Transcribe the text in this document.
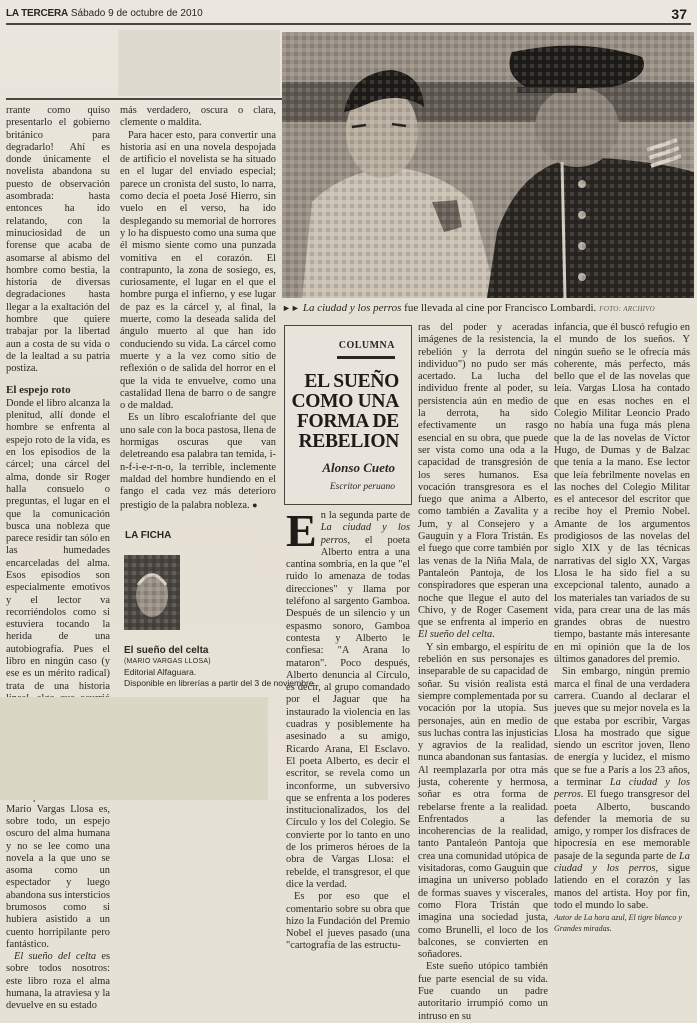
LA TERCERA Sábado 9 de octubre de 2010	37
►► La ciudad y los perros fue llevada al cine por Francisco Lombardi. FOTO: ARCHIVO

rrante como quiso presentarlo el gobierno británico para degradarlo! Ahí es donde únicamente el novelista abandona su puesto de observación asombrada: hasta entonces ha ido relatando, con la minuciosidad de un forense que acaba de asomarse al abismo del hombre como bestia, la historia de diversas degradaciones hasta llegar a la exaltación del hombre que quiere trabajar por la libertad aun a costa de su vida o de la lealtad a su patria postiza.

El espejo roto

Donde el libro alcanza la plenitud, allí donde el hombre se enfrenta al espejo roto de la vida, es en los episodios de la cárcel; una cárcel del alma, donde sir Roger halla consuelo o preguntas, el lugar en el que la comunicación busca una nobleza que parece residir tan sólo en las humedades encarceladas del alma. Esos episodios son especialmente emotivos y el lector va recorriéndolos como si estuviera tocando la herida de una autobiografía. Pues el libro en ningún caso (y ese es un mérito radical) trata de una historia Mario Vargas Llosa es, sobre todo, un espejo oscuro del alma humana y no se lee como una novela a la que uno se asoma como un espectador y luego abandona sus intersticios brumosos como si hubiera asistido a un cuento horripilante pero fantástico.

El sueño del celta es sobre todos nosotros: este libro roza el alma humana, la atraviesa y la devuelve en su estado

más verdadero, oscura o clara, clemente o maldita.

Para hacer esto, para convertir una historia así en una novela despojada de artificio el novelista se ha situado en el lugar del enviado especial; parece un cronista del susto, lo narra, como decía el poeta José Hierro, sin vuelo en el verso, ha ido desplegando su memorial de horrores y lo ha dispuesto como una suma que él mismo siente como una punzada vomitiva en el corazón. El contrapunto, la zona de sosiego, es, curiosamente, el lugar en el que el hombre purga el infierno, y ese lugar de paz es la cárcel y, al final, la muerte, como la deseada salida del ángulo muerto al que han ido conduciendo su vida. La cárcel como muerte y a la vez como sitio de reflexión o de salida del horror en el que la vida te envuelve, como una castalidad llena de barro o de sangre o de maldad.

Es un libro escalofriante del que uno sale con la boca pastosa, llena de hormigas oscuras que van deletreando esa palabra tan temida, i-n-f-i-e-r-n-o, la terrible, inclemente maldad del hombre hundiendo en el fango el cada vez más deterioro prestigio de la palabra nobleza. ●

LA FICHA
El sueño del celta
(MARIO VARGAS LLOSA)
Editorial Alfaguara.
Disponible en librerías a partir del 3 de noviembre.
COLUMNA
EL SUEÑO
COMO UNA
FORMA DE
REBELION
Alonso Cueto
Escritor peruano

En la segunda parte de La ciudad y los perros, el poeta Alberto entra a una cantina sombría, en la que "el ruido lo amenaza de todas direcciones" y llama por teléfono al sargento Gamboa. Después de un silencio y un espasmo sonoro, Gamboa contesta y Alberto le confiesa: "A Arana lo mataron". Poco después, Alberto denuncia al Círculo, es decir, al grupo comandado por el Jaguar que ha instaurado la violencia en las cuadras y posiblemente ha asesinado a su amigo, Ricardo Arana, El Esclavo. El poeta Alberto, es decir el escritor, se revela como un inconforme, un subversivo que se enfrenta a los poderes institucionalizados, los del Círculo y los del Colegio. Se convierte por lo tanto en uno de los primeros héroes de la obra de Vargas Llosa: el rebelde, el transgresor, el que dice la verdad.

Es por eso que el comentario sobre su obra que hizo la Fundación del Premio Nobel el jueves pasado (una "cartografía de las estructu-

ras del poder y aceradas imágenes de la resistencia, la rebelión y la derrota del individuo") no pudo ser más acertado. La lucha del individuo frente al poder, su persistencia aún en medio de la derrota, ha sido efectivamente un rasgo esencial en su obra, que puede ser vista como una oda a la capacidad de transgresión de los seres humanos. Esa vocación transgresora es el fuego que anima a Alberto, como también a Zavalita y a Jum, y al Consejero y a Gauguin y a Flora Tristán. Es el fuego que corre también por las venas de la Niña Mala, de Pantaleón Pantoja, de los conspiradores que esperan una noche que llegue el auto del Chivo, y de Roger Casement que se enfrenta al imperio en El sueño del celta.

Y sin embargo, el espíritu de rebelión en sus personajes es inseparable de su capacidad de soñar. Su visión realista está siempre complementada por su vocación por la utopía. Sus personajes, aún en medio de sus luchas contra las injusticias y agravios de la realidad, nunca abandonan sus fantasías. Al reemplazarla por otra más justa, coherente y hermosa, soñar es otra forma de rebelarse frente a la realidad. Enfrentados a las incoherencias de la realidad, tanto Pantaleón Pantoja que crea una comunidad utópica de visitadoras, como Gauguin que imagina un universo poblado de formas suaves y viscerales, como Flora Tristán que imagina una sociedad justa, como Brunelli, el loco de los balcones, se convierten en soñadores.

Este sueño utópico también fue parte esencial de su vida. Fue cuando un padre autoritario irrumpió como un intruso en su

infancia, que él buscó refugio en el mundo de los sueños. Y ningún sueño se le ofrecía más coherente, más perfecto, más bello que el de las novelas que leía. Vargas Llosa ha contado que en esas noches en el Colegio Militar Leoncio Prado no había una fuga más plena que la de las novelas de Víctor Hugo, de Dumas y de Balzac que tenía a la mano. Ese lector que leía febrilmente novelas en las noches del Colegio Militar es el antecesor del escritor que recibe hoy el Premio Nobel. Amante de los argumentos prodigiosos de las novelas del siglo XIX y de las técnicas narrativas del siglo XX, Vargas Llosa le ha sido fiel a su excepcional talento, aunado a los materiales tan variados de su vida, para crear una de las más grandes obras de nuestro tiempo, bastante más interesante en mi opinión que la de los últimos ganadores del premio.

Sin embargo, ningún premio marca el final de una verdadera carrera. Cuando al declarar el jueves que su mejor novela es la que estaba por escribir, Vargas Llosa ha mostrado que sigue siendo un escritor joven, lleno de energía y lucidez, el mismo que se fue a París a los 23 años, a terminar La ciudad y los perros. El fuego transgresor del poeta Alberto, buscando defender la memoria de su amigo, y romper los disfraces de hipocresía en ese memorable pasaje de la segunda parte de La ciudad y los perros, sigue latiendo en el corazón y las manos del artista. Hoy por fin, todo el mundo lo sabe.

Autor de La hora azul, El tigre blanco y Grandes miradas.
